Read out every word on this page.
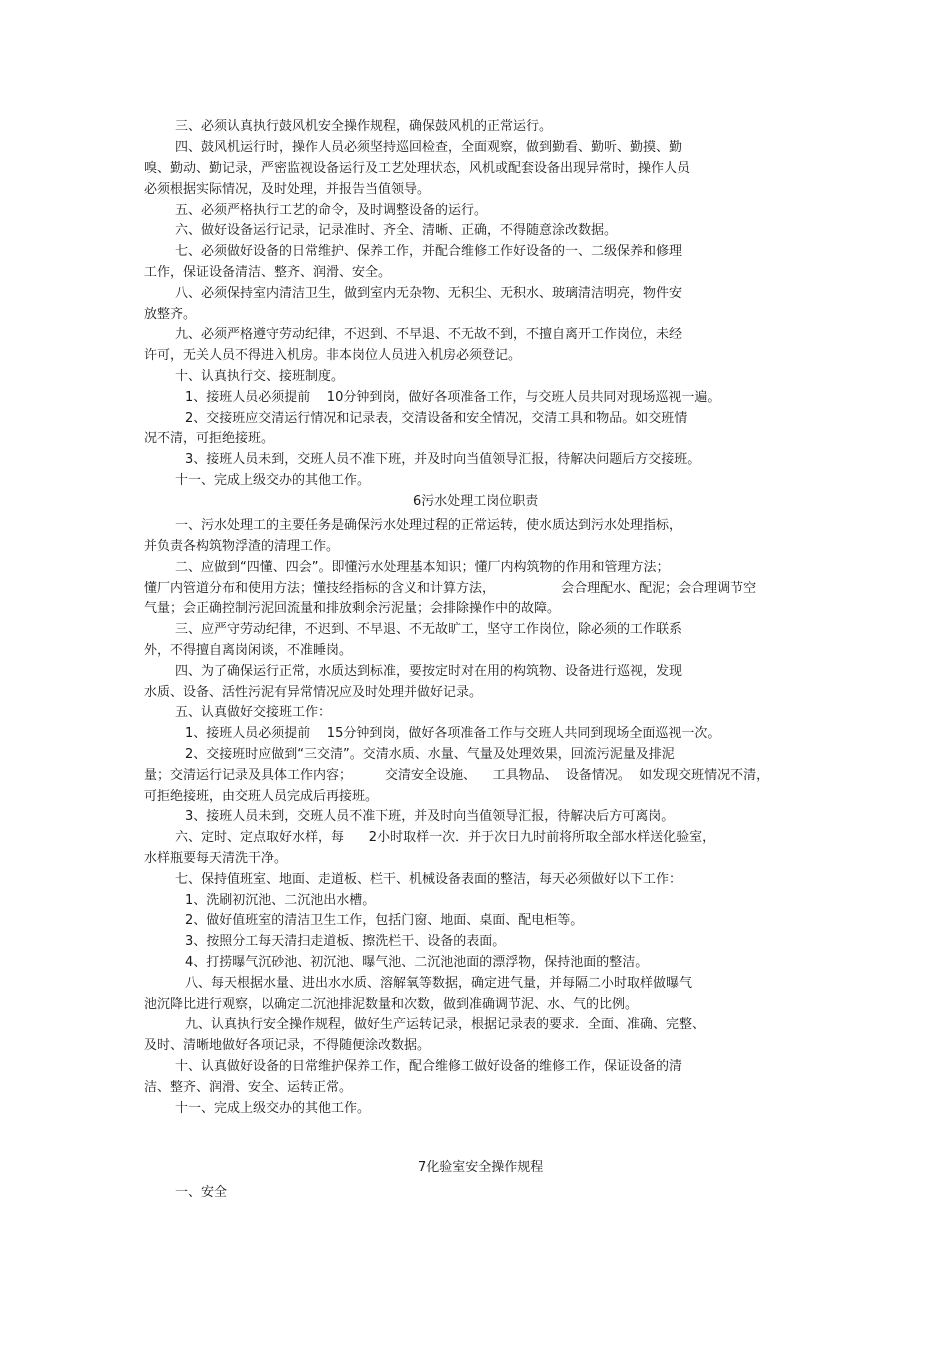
三、必须认真执行鼓风机安全操作规程，确保鼓风机的正常运行。
四、鼓风机运行时，操作人员必须坚持巡回检查，全面观察，做到勤看、勤听、勤摸、勤
嗅、勤动、勤记录，严密监视设备运行及工艺处理状态，风机或配套设备出现异常时，操作人员
必须根据实际情况，及时处理，并报告当值领导。
五、必须严格执行工艺的命令，及时调整设备的运行。
六、做好设备运行记录，记录准时、齐全、清晰、正确，不得随意涂改数据。
七、必须做好设备的日常维护、保养工作，并配合维修工作好设备的一、二级保养和修理
工作，保证设备清洁、整齐、润滑、安全。
八、必须保持室内清洁卫生，做到室内无杂物、无积尘、无积水、玻璃清洁明亮，物件安
放整齐。
九、必须严格遵守劳动纪律，不迟到、不早退、不无故不到，不擅自离开工作岗位，未经
许可，无关人员不得进入机房。非本岗位人员进入机房必须登记。
十、认真执行交、接班制度。
1、接班人员必须提前    10分钟到岗，做好各项准备工作，与交班人员共同对现场巡视一遍。
2、交接班应交清运行情况和记录表，交清设备和安全情况，交清工具和物品。如交班情
况不清，可拒绝接班。
3、接班人员未到，交班人员不准下班，并及时向当值领导汇报，待解决问题后方交接班。
十一、完成上级交办的其他工作。
6污水处理工岗位职责
一、污水处理工的主要任务是确保污水处理过程的正常运转，使水质达到污水处理指标，
并负责各构筑物浮渣的清理工作。
二、应做到“四懂、四会”。即懂污水处理基本知识；懂厂内构筑物的作用和管理方法；
懂厂内管道分布和使用方法；懂技经指标的含义和计算方法，                会合理配水、配泥；会合理调节空
气量；会正确控制污泥回流量和排放剩余污泥量；会排除操作中的故障。
三、应严守劳动纪律，不迟到、不早退、不无故旷工，坚守工作岗位，除必须的工作联系
外，不得擅自离岗闲谈，不准睡岗。
四、为了确保运行正常，水质达到标准，要按定时对在用的构筑物、设备进行巡视，发现
水质、设备、活性污泥有异常情况应及时处理并做好记录。
五、认真做好交接班工作：
1、接班人员必须提前    15分钟到岗，做好各项准备工作与交班人共同到现场全面巡视一次。
2、交接班时应做到“三交清”。交清水质、水量、气量及处理效果，回流污泥量及排泥
量；交清运行记录及具体工作内容；        交清安全设施、    工具物品、  设备情况。  如发现交班情况不清，
可拒绝接班，由交班人员完成后再接班。
3、接班人员未到，交班人员不准下班，并及时向当值领导汇报，待解决后方可离岗。
六、定时、定点取好水样，每      2小时取样一次．并于次日九时前将所取全部水样送化验室，
水样瓶要每天清洗干净。
七、保持值班室、地面、走道板、栏干、机械设备表面的整洁，每天必须做好以下工作：
1、洗刷初沉池、二沉池出水槽。
2、做好值班室的清洁卫生工作，包括门窗、地面、桌面、配电柜等。
3、按照分工每天清扫走道板、擦洗栏干、设备的表面。
4、打捞曝气沉砂池、初沉池、曝气池、二沉池池面的漂浮物，保持池面的整洁。
八、每天根据水量、进出水水质、溶解氧等数据，确定进气量，并每隔二小时取样做曝气
池沉降比进行观察，以确定二沉池排泥数量和次数，做到准确调节泥、水、气的比例。
九、认真执行安全操作规程，做好生产运转记录，根据记录表的要求．全面、准确、完整、
及时、清晰地做好各项记录，不得随便涂改数据。
十、认真做好设备的日常维护保养工作，配合维修工做好设备的维修工作，保证设备的清
洁、整齐、润滑、安全、运转正常。
十一、完成上级交办的其他工作。
7化验室安全操作规程
一、安全
